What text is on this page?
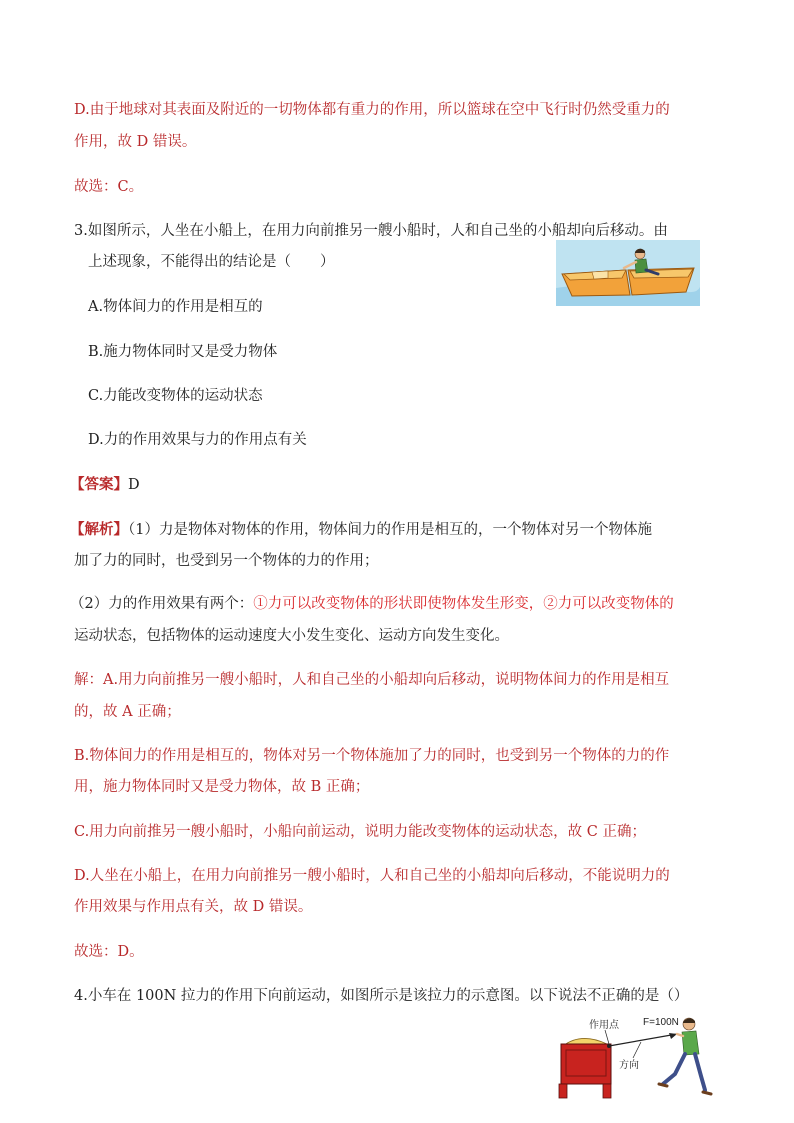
D.由于地球对其表面及附近的一切物体都有重力的作用，所以篮球在空中飞行时仍然受重力的
作用，故 D 错误。
故选：C。
3.如图所示，人坐在小船上，在用力向前推另一艘小船时，人和自己坐的小船却向后移动。由
上述现象，不能得出的结论是（　　）
A.物体间力的作用是相互的
B.施力物体同时又是受力物体
C.力能改变物体的运动状态
D.力的作用效果与力的作用点有关
【答案】D
【解析】（1）力是物体对物体的作用，物体间力的作用是相互的，一个物体对另一个物体施
加了力的同时，也受到另一个物体的力的作用；
（2）力的作用效果有两个：①力可以改变物体的形状即使物体发生形变，②力可以改变物体的
运动状态，包括物体的运动速度大小发生变化、运动方向发生变化。
解：A.用力向前推另一艘小船时，人和自己坐的小船却向后移动，说明物体间力的作用是相互
的，故 A 正确；
B.物体间力的作用是相互的，物体对另一个物体施加了力的同时，也受到另一个物体的力的作
用，施力物体同时又是受力物体，故 B 正确；
C.用力向前推另一艘小船时，小船向前运动，说明力能改变物体的运动状态，故 C 正确；
D.人坐在小船上，在用力向前推另一艘小船时，人和自己坐的小船却向后移动，不能说明力的
作用效果与作用点有关，故 D 错误。
故选：D。
4.小车在 100N 拉力的作用下向前运动，如图所示是该拉力的示意图。以下说法不正确的是（）
作用点 F=100N
方向
